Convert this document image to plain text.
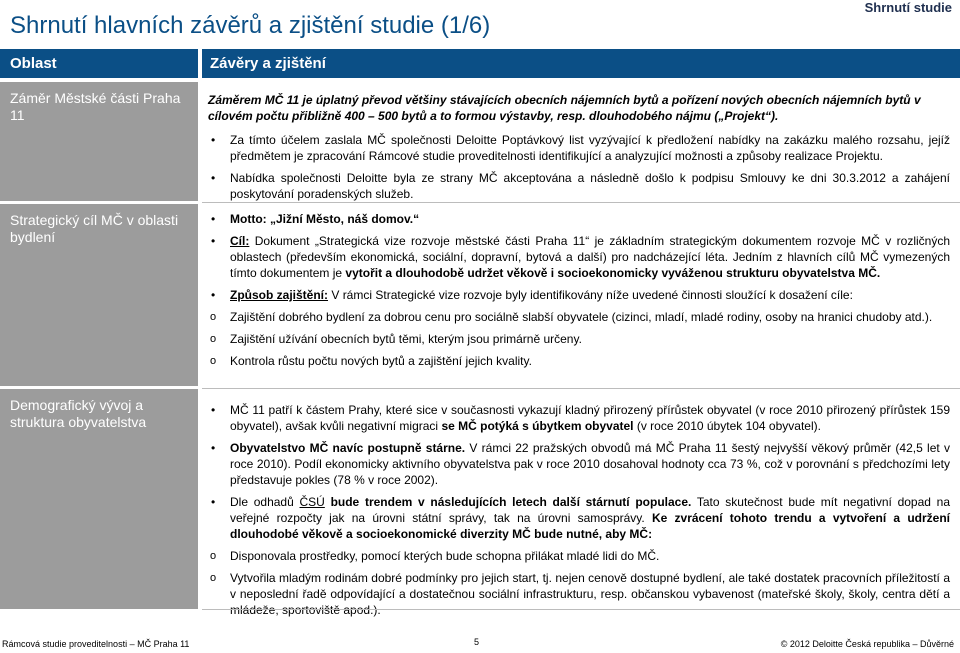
Shrnutí hlavních závěrů a zjištění studie (1/6)
Shrnutí studie
Oblast	Závěry a zjištění
Záměr Městské části Praha 11

Záměrem MČ 11 je úplatný převod většiny stávajících obecních nájemních bytů a pořízení nových obecních nájemních bytů v cílovém počtu přibližně 400 – 500 bytů a to formou výstavby, resp. dlouhodobého nájmu („Projekt“).

• Za tímto účelem zaslala MČ společnosti Deloitte Poptávkový list vyzývající k předložení nabídky na zakázku malého rozsahu, jejíž předmětem je zpracování Rámcové studie proveditelnosti identifikující a analyzující možnosti a způsoby realizace Projektu.
• Nabídka společnosti Deloitte byla ze strany MČ akceptována a následně došlo k podpisu Smlouvy ke dni 30.3.2012 a zahájení poskytování poradenských služeb.
Strategický cíl MČ v oblasti bydlení
• Motto: „Jižní Město, náš domov.“
• Cíl: Dokument „Strategická vize rozvoje městské části Praha 11“ je základním strategickým dokumentem rozvoje MČ v rozličných oblastech (především ekonomická, sociální, dopravní, bytová a další) pro nadcházející léta. Jedním z hlavních cílů MČ vymezených tímto dokumentem je vytořit a dlouhodobě udržet věkově i socioekonomicky vyváženou strukturu obyvatelstva MČ.
• Způsob zajištění: V rámci Strategické vize rozvoje byly identifikovány níže uvedené činnosti sloužící k dosažení cíle:
o Zajištění dobrého bydlení za dobrou cenu pro sociálně slabší obyvatele (cizinci, mladí, mladé rodiny, osoby na hranici chudoby atd.).
o Zajištění užívání obecních bytů těmi, kterým jsou primárně určeny.
o Kontrola růstu počtu nových bytů a zajištění jejich kvality.
Demografický vývoj a struktura obyvatelstva
• MČ 11 patří k částem Prahy, které sice v současnosti vykazují kladný přirozený přírůstek obyvatel (v roce 2010 přirozený přírůstek 159 obyvatel), avšak kvůli negativní migraci se MČ potýká s úbytkem obyvatel (v roce 2010 úbytek 104 obyvatel).
• Obyvatelstvo MČ navíc postupně stárne. V rámci 22 pražských obvodů má MČ Praha 11 šestý nejvyšší věkový průměr (42,5 let v roce 2010). Podíl ekonomicky aktivního obyvatelstva pak v roce 2010 dosahoval hodnoty cca 73 %, což v porovnání s předchozími lety představuje pokles (78 % v roce 2002).
• Dle odhadů ČSÚ bude trendem v následujících letech další stárnutí populace. Tato skutečnost bude mít negativní dopad na veřejné rozpočty jak na úrovni státní správy, tak na úrovni samosprávy. Ke zvrácení tohoto trendu a vytvoření a udržení dlouhodobé věkově a socioekonomické diverzity MČ bude nutné, aby MČ:
o Disponovala prostředky, pomocí kterých bude schopna přilákat mladé lidi do MČ.
o Vytvořila mladým rodinám dobré podmínky pro jejich start, tj. nejen cenově dostupné bydlení, ale také dostatek pracovních příležitostí a v neposlední řadě odpovídající a dostatečnou sociální infrastrukturu, resp. občanskou vybavenost (mateřské školy, školy, centra dětí a mládeže, sportoviště apod.).
Rámcová studie proveditelnosti – MČ Praha 11	5	© 2012 Deloitte Česká republika – Důvěrné
